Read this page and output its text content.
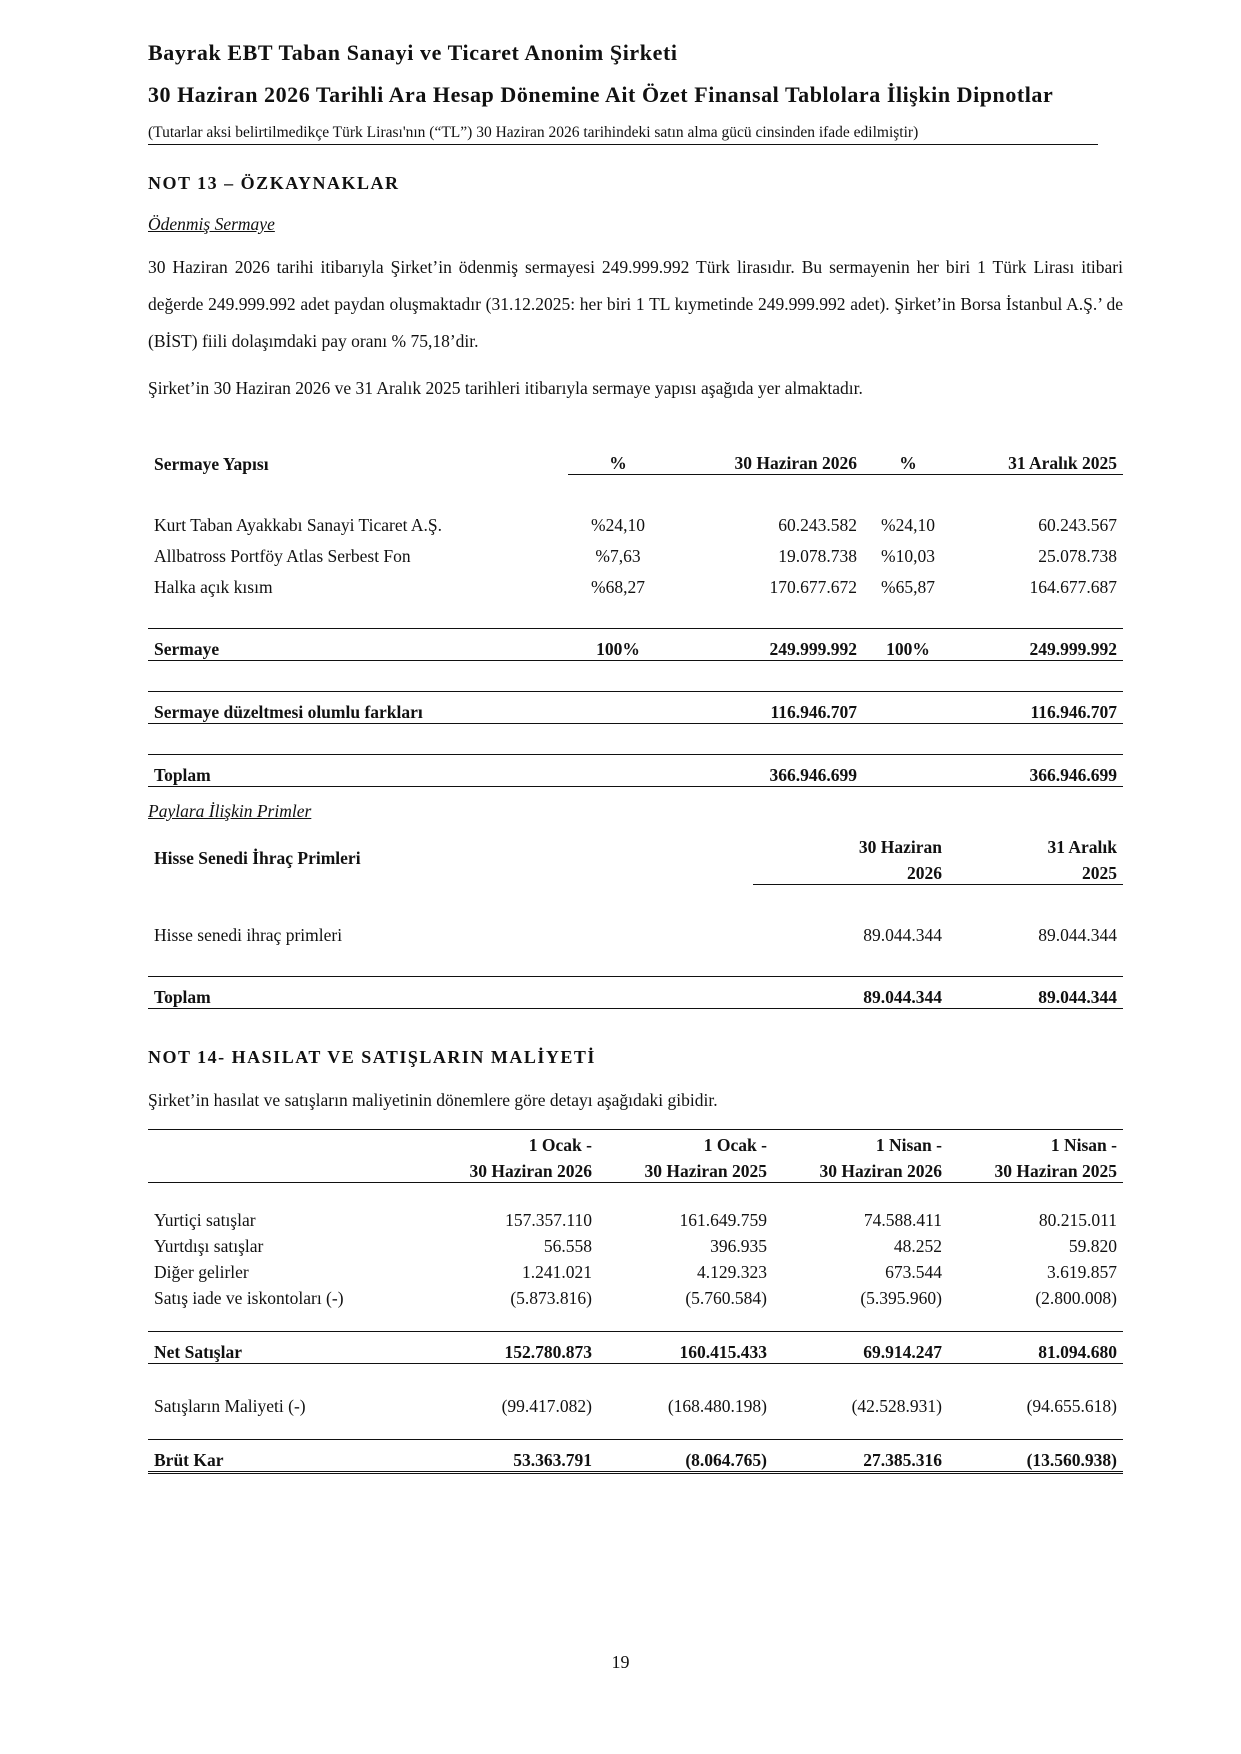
Bayrak EBT Taban Sanayi ve Ticaret Anonim Şirketi
30 Haziran 2026 Tarihli Ara Hesap Dönemine Ait Özet Finansal Tablolara İlişkin Dipnotlar
(Tutarlar aksi belirtilmedikçe Türk Lirası'nın (“TL”) 30 Haziran 2026 tarihindeki satın alma gücü cinsinden ifade edilmiştir)
NOT 13 – ÖZKAYNAKLAR
Ödenmiş Sermaye
30 Haziran 2026 tarihi itibarıyla Şirket’in ödenmiş sermayesi 249.999.992 Türk lirasıdır. Bu sermayenin her biri 1 Türk Lirası itibari değerde 249.999.992 adet paydan oluşmaktadır (31.12.2025: her biri 1 TL kıymetinde 249.999.992 adet). Şirket’in Borsa İstanbul A.Ş.’ de (BİST) fiili dolaşımdaki pay oranı % 75,18’dir.
Şirket’in 30 Haziran 2026 ve 31 Aralık 2025 tarihleri itibarıyla sermaye yapısı aşağıda yer almaktadır.
Sermaye Yapısı	%	30 Haziran 2026	%	31 Aralık 2025

Kurt Taban Ayakkabı Sanayi Ticaret A.Ş.	%24,10	60.243.582	%24,10	60.243.567
Allbatross Portföy Atlas Serbest Fon	%7,63	19.078.738	%10,03	25.078.738
Halka açık kısım	%68,27	170.677.672	%65,87	164.677.687

Sermaye	100%	249.999.992	100%	249.999.992

Sermaye düzeltmesi olumlu farkları		116.946.707		116.946.707

Toplam		366.946.699		366.946.699
Paylara İlişkin Primler
Hisse Senedi İhraç Primleri	30 Haziran	31 Aralık
	2026	2025

Hisse senedi ihraç primleri	89.044.344	89.044.344

Toplam	89.044.344	89.044.344
NOT 14- HASILAT VE SATIŞLARIN MALİYETİ
Şirket’in hasılat ve satışların maliyetinin dönemlere göre detayı aşağıdaki gibidir.
	1 Ocak -	1 Ocak -	1 Nisan -	1 Nisan -
	30 Haziran 2026	30 Haziran 2025	30 Haziran 2026	30 Haziran 2025

Yurtiçi satışlar	157.357.110	161.649.759	74.588.411	80.215.011
Yurtdışı satışlar	56.558	396.935	48.252	59.820
Diğer gelirler	1.241.021	4.129.323	673.544	3.619.857
Satış iade ve iskontoları (-)	(5.873.816)	(5.760.584)	(5.395.960)	(2.800.008)

Net Satışlar	152.780.873	160.415.433	69.914.247	81.094.680

Satışların Maliyeti (-)	(99.417.082)	(168.480.198)	(42.528.931)	(94.655.618)

Brüt Kar	53.363.791	(8.064.765)	27.385.316	(13.560.938)
19
